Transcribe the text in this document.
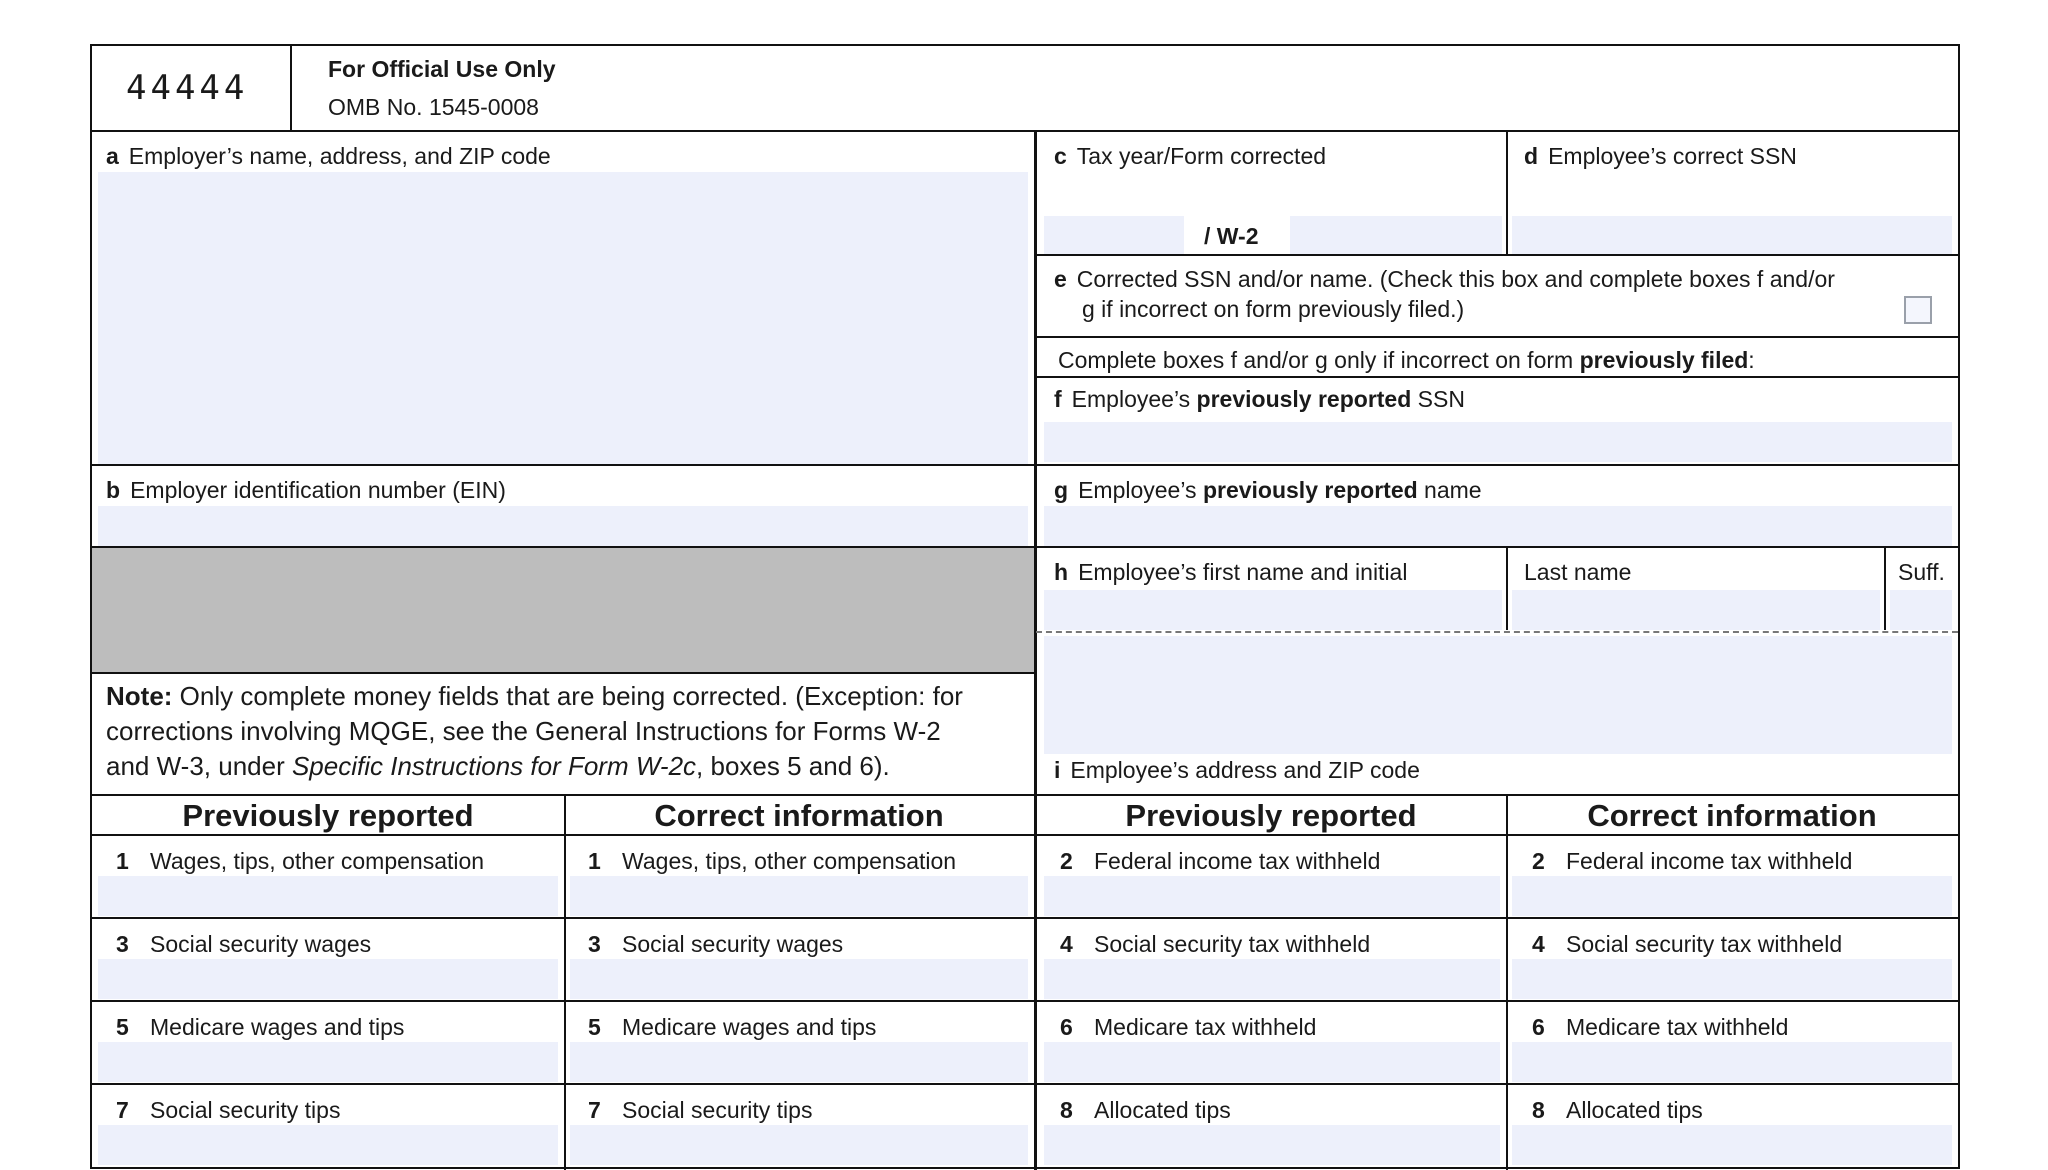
44444	For Official Use Only
OMB No. 1545-0008
a Employer’s name, address, and ZIP code
b Employer identification number (EIN)
Note: Only complete money fields that are being corrected. (Exception: for
corrections involving MQGE, see the General Instructions for Forms W-2
and W-3, under Specific Instructions for Form W-2c, boxes 5 and 6).
c Tax year/Form corrected
/ W-2
d Employee’s correct SSN
e Corrected SSN and/or name. (Check this box and complete boxes f and/or
g if incorrect on form previously filed.)
Complete boxes f and/or g only if incorrect on form previously filed:
f Employee’s previously reported SSN
g Employee’s previously reported name
h Employee’s first name and initial	Last name	Suff.
i Employee’s address and ZIP code
Previously reported	Correct information	Previously reported	Correct information
1 Wages, tips, other compensation	1 Wages, tips, other compensation	2 Federal income tax withheld	2 Federal income tax withheld
3 Social security wages	3 Social security wages	4 Social security tax withheld	4 Social security tax withheld
5 Medicare wages and tips	5 Medicare wages and tips	6 Medicare tax withheld	6 Medicare tax withheld
7 Social security tips	7 Social security tips	8 Allocated tips	8 Allocated tips
